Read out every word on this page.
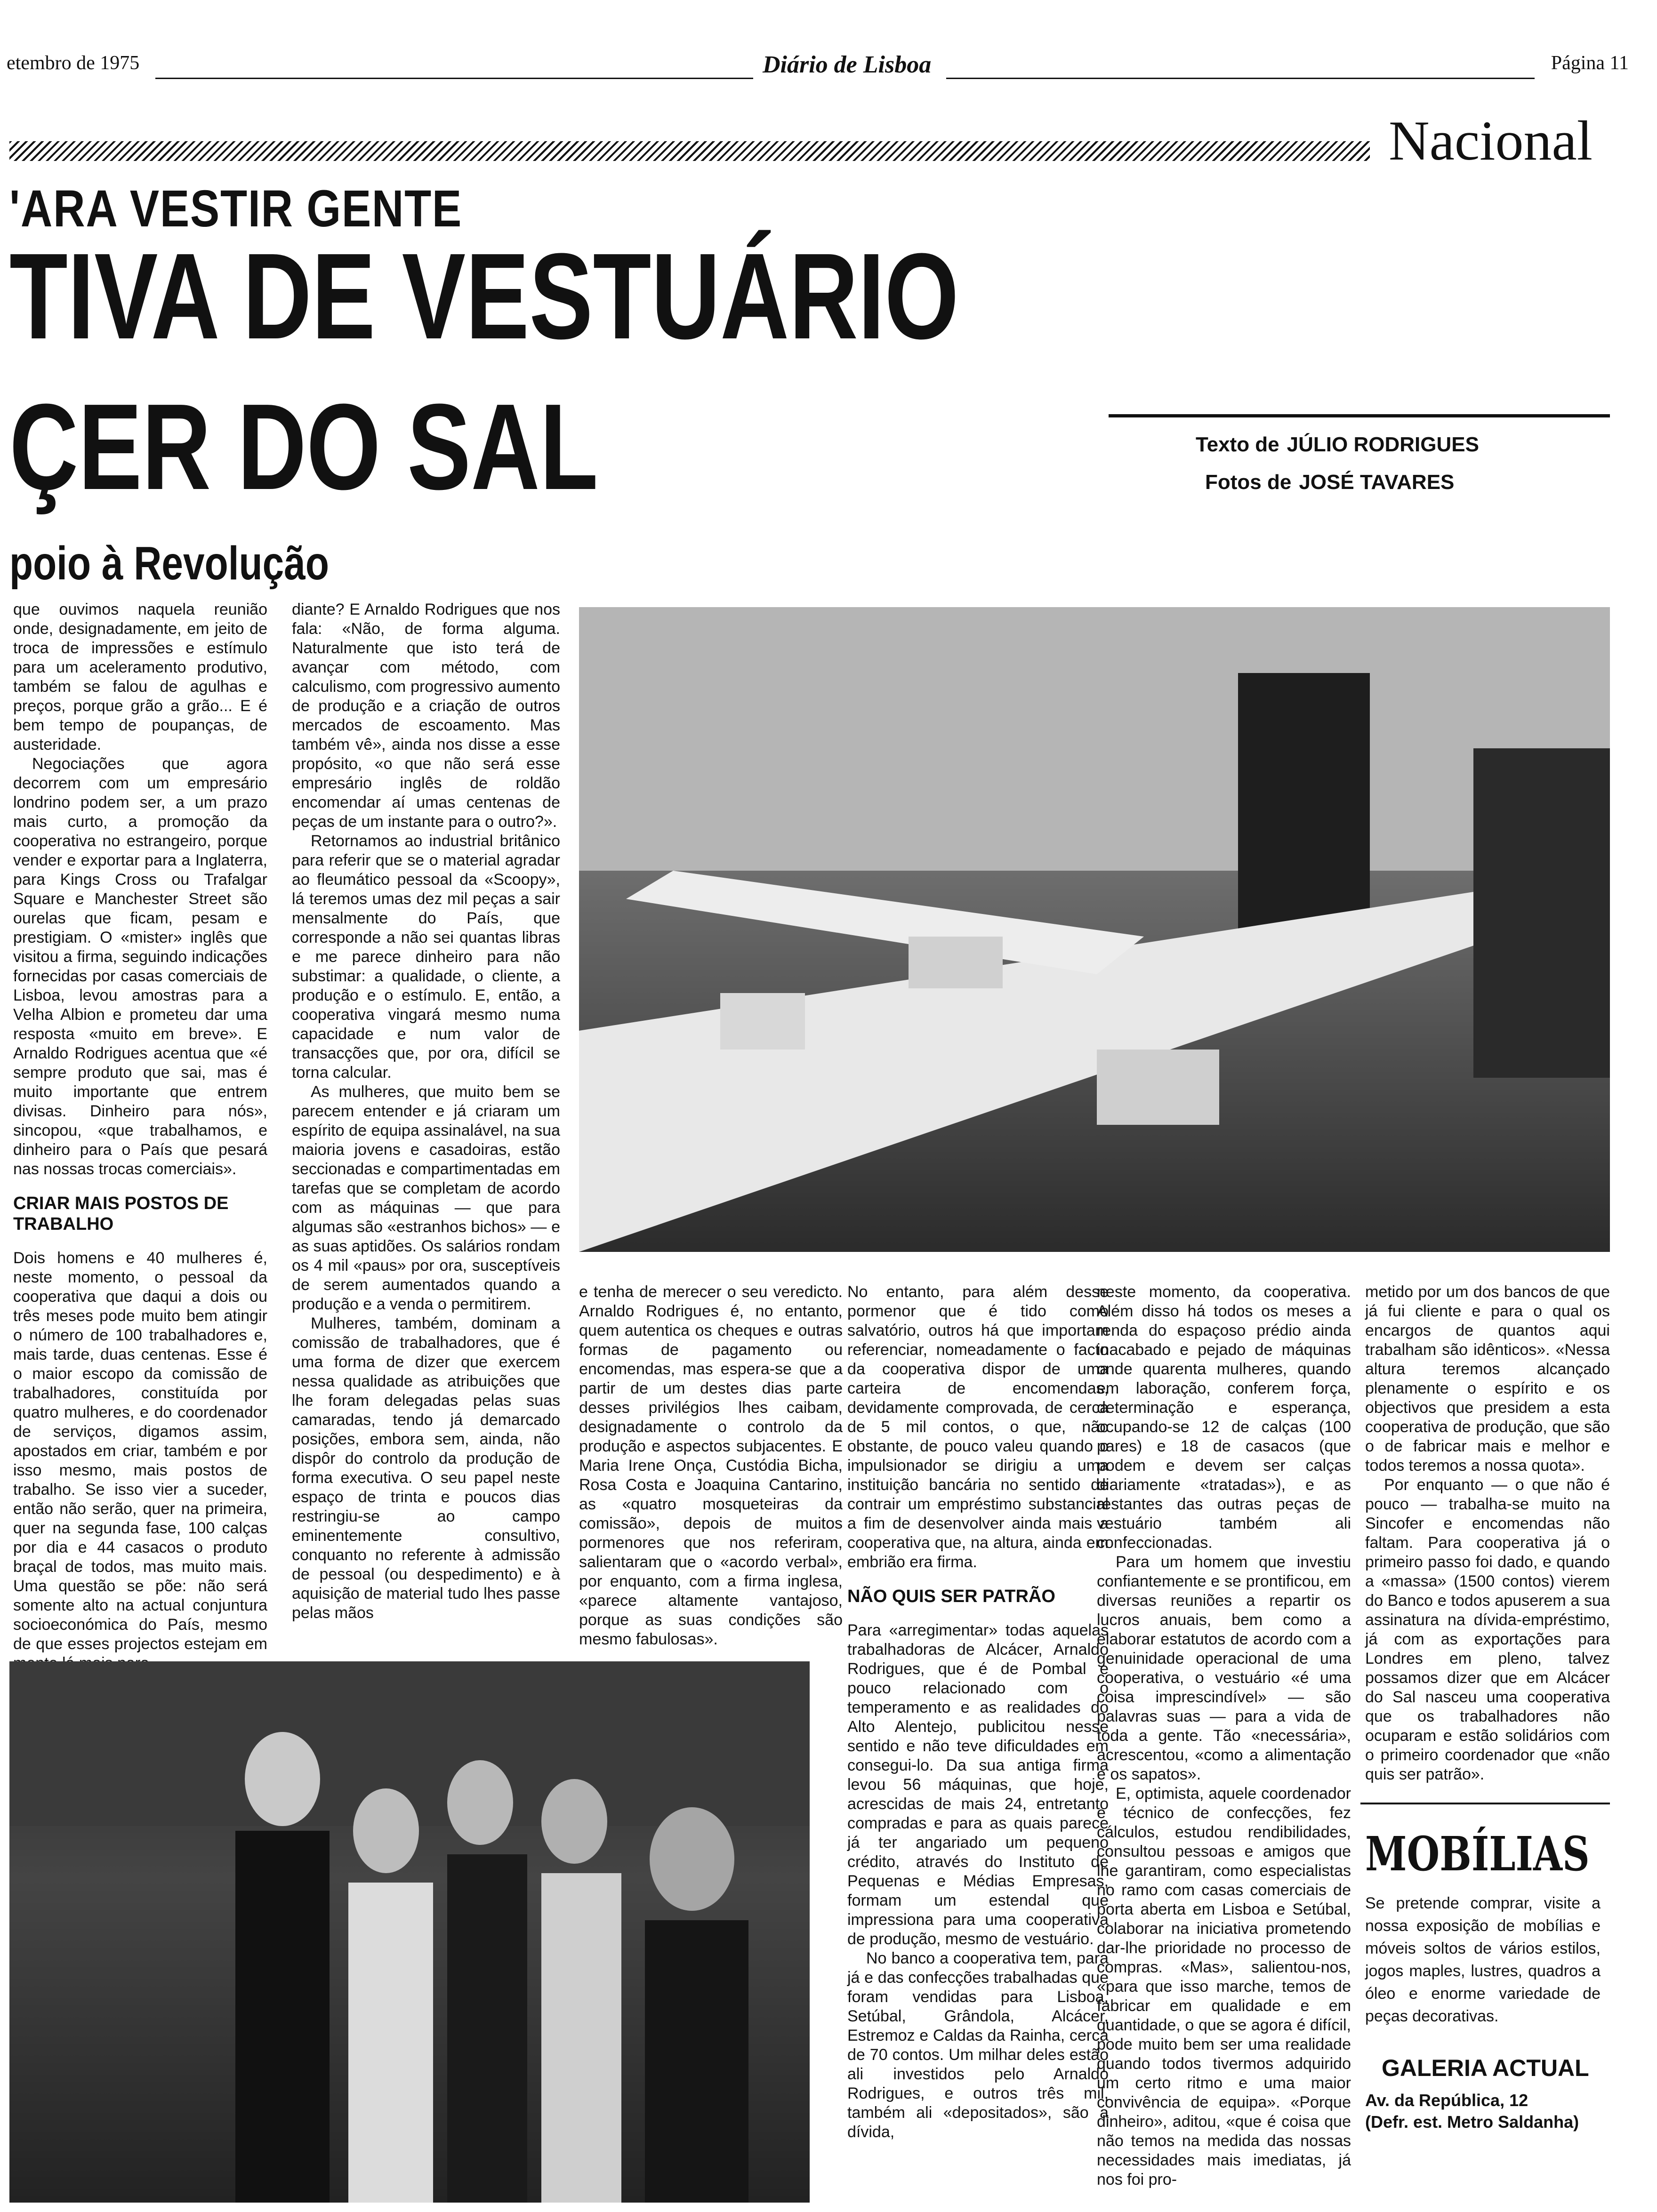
etembro de 1975	Diário de Lisboa	Página 11
Nacional
'ARA VESTIR GENTE
TIVA DE VESTUÁRIO
ÇER DO SAL
poio à Revolução
Texto de JÚLIO RODRIGUES
Fotos de JOSÉ TAVARES

que ouvimos naquela reunião onde, designadamente, em jeito de troca de impressões e estímulo para um aceleramento produtivo, também se falou de agulhas e preços, porque grão a grão... E é bem tempo de poupanças, de austeridade.

Negociações que agora decorrem com um empresário londrino podem ser, a um prazo mais curto, a promoção da cooperativa no estrangeiro, porque vender e exportar para a Inglaterra, para Kings Cross ou Trafalgar Square e Manchester Street são ourelas que ficam, pesam e prestigiam. O «mister» inglês que visitou a firma, seguindo indicações fornecidas por casas comerciais de Lisboa, levou amostras para a Velha Albion e prometeu dar uma resposta «muito em breve». E Arnaldo Rodrigues acentua que «é sempre produto que sai, mas é muito importante que entrem divisas. Dinheiro para nós», sincopou, «que trabalhamos, e dinheiro para o País que pesará nas nossas trocas comerciais».

CRIAR MAIS POSTOS DE TRABALHO

Dois homens e 40 mulheres é, neste momento, o pessoal da cooperativa que daqui a dois ou três meses pode muito bem atingir o número de 100 trabalhadores e, mais tarde, duas centenas. Esse é o maior escopo da comissão de trabalhadores, constituída por quatro mulheres, e do coordenador de serviços, digamos assim, apostados em criar, também e por isso mesmo, mais postos de trabalho. Se isso vier a suceder, então não serão, quer na primeira, quer na segunda fase, 100 calças por dia e 44 casacos o produto braçal de todos, mas muito mais. Uma questão se põe: não será somente alto na actual conjuntura socioeconómica do País, mesmo de que esses projectos estejam em

diante? E Arnaldo Rodrigues que nos fala: «Não, de forma alguma. Naturalmente que isto terá de avançar com método, com calculismo, com progressivo aumento de produção e a criação de outros mercados de escoamento. Mas também vê», ainda nos disse a esse propósito, «o que não será esse empresário inglês de roldão encomendar aí umas centenas de peças de um instante para o outro?».

Retornamos ao industrial britânico para referir que se o material agradar ao fleumático pessoal da «Scoopy», lá teremos umas dez mil peças a sair mensalmente do País, que corresponde a não sei quantas libras e me parece dinheiro para não substimar: a qualidade, o cliente, a produção e o estímulo. E, então, a cooperativa vingará mesmo numa capacidade e num valor de transacções que, por ora, difícil se torna calcular.

As mulheres, que muito bem se parecem entender e já criaram um espírito de equipa assinalável, na sua maioria jovens e casadoiras, estão seccionadas e compartimentadas em tarefas que se completam de acordo com as máquinas — que para algumas são «estranhos bichos» — e as suas aptidões. Os salários rondam os 4 mil «paus» por ora, susceptíveis de serem aumentados quando a produção e a venda o permitirem.

Mulheres, também, dominam a comissão de trabalhadores, que é uma forma de dizer que exercem nessa qualidade as atribuições que lhe foram delegadas pelas suas camaradas, tendo já demarcado posições, embora sem, ainda, não dispôr do controlo da produção de forma executiva. O seu papel neste espaço de trinta e poucos dias restringiu-se ao campo eminentemente consultivo, conquanto no referente à admissão de pessoal (ou despedimento) e à aquisição de material tudo lhes passe pelas mãos

e tenha de merecer o seu veredicto. Arnaldo Rodrigues é, no entanto, quem autentica os cheques e outras formas de pagamento ou encomendas, mas espera-se que a partir de um destes dias parte desses privilégios lhes caibam, designadamente o controlo da produção e aspectos subjacentes. E Maria Irene Onça, Custódia Bicha, Rosa Costa e Joaquina Cantarino, as «quatro mosqueteiras da comissão», depois de muitos pormenores que nos referiram, salientaram que o «acordo verbal», por enquanto, com a firma inglesa, «parece altamente vantajoso, porque as suas condições são mesmo fabulosas».

No entanto, para além desse pormenor que é tido como salvatório, outros há que importam referenciar, nomeadamente o facto da cooperativa dispor de uma carteira de encomendas, devidamente comprovada, de cerca de 5 mil contos, o que, não obstante, de pouco valeu quando o impulsionador se dirigiu a uma instituição bancária no sentido de contrair um empréstimo substancial a fim de desenvolver ainda mais a cooperativa que, na altura, ainda em embrião era firma.

NÃO QUIS SER PATRÃO

Para «arregimentar» todas aquelas trabalhadoras de Alcácer, Arnaldo Rodrigues, que é de Pombal e pouco relacionado com o temperamento e as realidades do Alto Alentejo, publicitou nesse sentido e não teve dificuldades em consegui-lo. Da sua antiga firma levou 56 máquinas, que hoje, acrescidas de mais 24, entretanto compradas e para as quais parece já ter angariado um pequeno crédito, através do Instituto de Pequenas e Médias Empresas, formam um estendal que impressiona para uma cooperativa de produção, mesmo de vestuário.

No banco a cooperativa tem, para já e das confecções trabalhadas que foram vendidas para Lisboa, Setúbal, Grândola, Alcácer, Estremoz e Caldas da Rainha, cerca de 70 contos. Um milhar deles estão ali investidos pelo Arnaldo Rodrigues, e outros três mil, também ali «depositados», são a dívida,

neste momento, da cooperativa. Além disso há todos os meses a renda do espaçoso prédio ainda inacabado e pejado de máquinas onde quarenta mulheres, quando em laboração, conferem força, determinação e esperança, ocupando-se 12 de calças (100 pares) e 18 de casacos (que podem e devem ser calças diariamente «tratadas»), e as restantes das outras peças de vestuário também ali confeccionadas.

Para um homem que investiu confiantemente e se prontificou, em diversas reuniões a repartir os lucros anuais, bem como a elaborar estatutos de acordo com a genuinidade operacional de uma cooperativa, o vestuário «é uma coisa imprescindível» — são palavras suas — para a vida de toda a gente. Tão «necessária», acrescentou, «como a alimentação e os sapatos».

E, optimista, aquele coordenador e técnico de confecções, fez cálculos, estudou rendibilidades, consultou pessoas e amigos que lhe garantiram, como especialistas no ramo com casas comerciais de porta aberta em Lisboa e Setúbal, colaborar na iniciativa prometendo dar-lhe prioridade no processo de compras. «Mas», salientou-nos, «para que isso marche, temos de fabricar em qualidade e em quantidade, o que se agora é difícil, pode muito bem ser uma realidade quando todos tivermos adquirido um certo ritmo e uma maior convivência de equipa». «Porque dinheiro», aditou, «que é coisa que não temos na medida das nossas necessidades mais imediatas, já nos foi pro-

metido por um dos bancos de que já fui cliente e para o qual os encargos de quantos aqui trabalham são idênticos». «Nessa altura teremos alcançado plenamente o espírito e os objectivos que presidem a esta cooperativa de produção, que são o de fabricar mais e melhor e todos teremos a nossa quota».

Por enquanto — o que não é pouco — trabalha-se muito na Sincofer e encomendas não faltam. Para cooperativa já o primeiro passo foi dado, e quando a «massa» (1500 contos) vierem do Banco e todos apuserem a sua assinatura na dívida-empréstimo, já com as exportações para Londres em pleno, talvez possamos dizer que em Alcácer do Sal nasceu uma cooperativa que os trabalhadores não ocuparam e estão solidários com o primeiro coordenador que «não quis ser patrão».

MOBÍLIAS
Se pretende comprar, visite a nossa exposição de mobílias e móveis soltos de vários estilos, jogos maples, lustres, quadros a óleo e enorme variedade de peças decorativas.
GALERIA ACTUAL
Av. da República, 12
(Defr. est. Metro Saldanha)
